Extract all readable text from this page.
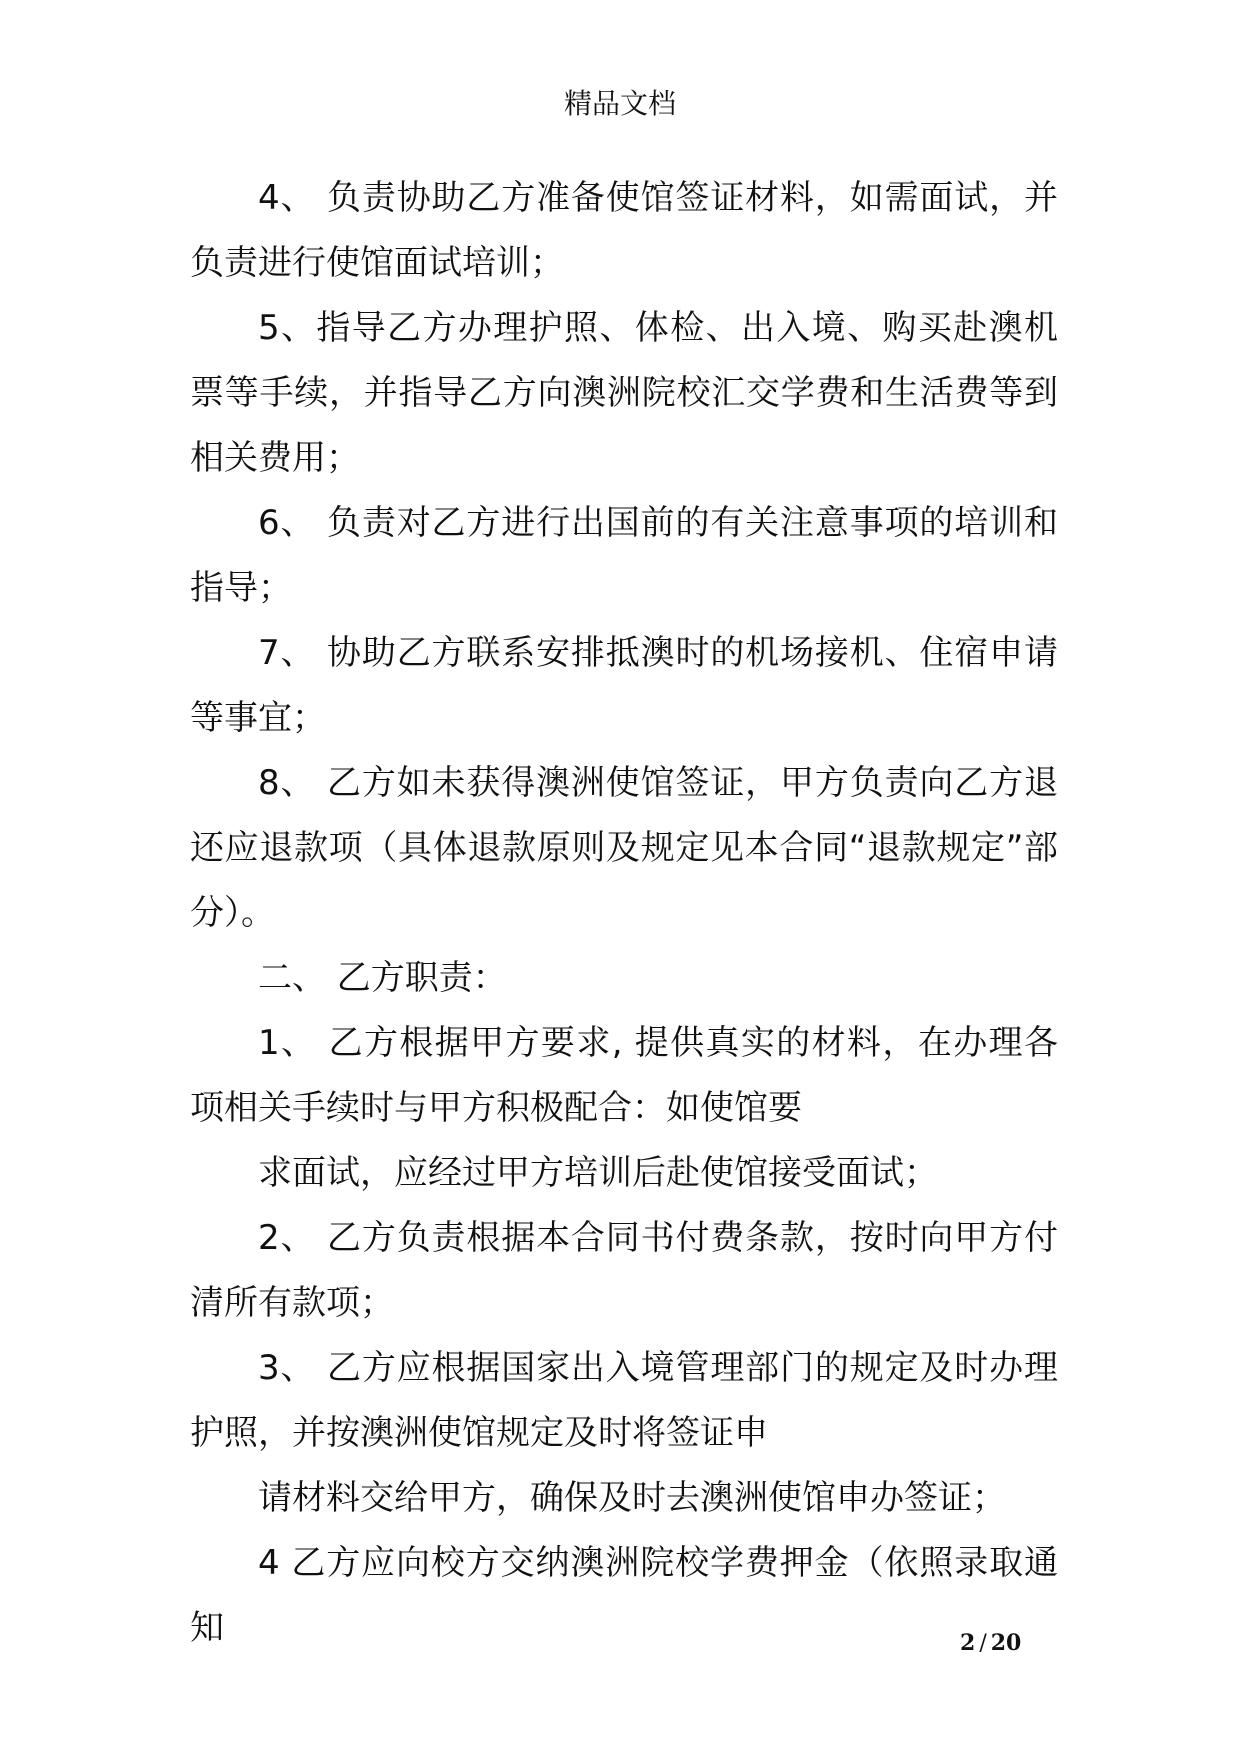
精品文档

4、 负责协助乙方准备使馆签证材料，如需面试，并负责进行使馆面试培训；

5、指导乙方办理护照、体检、出入境、购买赴澳机票等手续，并指导乙方向澳洲院校汇交学费和生活费等到相关费用；

6、 负责对乙方进行出国前的有关注意事项的培训和指导；

7、 协助乙方联系安排抵澳时的机场接机、住宿申请等事宜；

8、 乙方如未获得澳洲使馆签证，甲方负责向乙方退还应退款项（具体退款原则及规定见本合同“退款规定”部分）。

二、 乙方职责：

1、 乙方根据甲方要求, 提供真实的材料，在办理各项相关手续时与甲方积极配合：如使馆要

求面试，应经过甲方培训后赴使馆接受面试；

2、 乙方负责根据本合同书付费条款，按时向甲方付清所有款项；

3、 乙方应根据国家出入境管理部门的规定及时办理护照，并按澳洲使馆规定及时将签证申

请材料交给甲方，确保及时去澳洲使馆申办签证；

4 乙方应向校方交纳澳洲院校学费押金（依照录取通知	2 / 20
